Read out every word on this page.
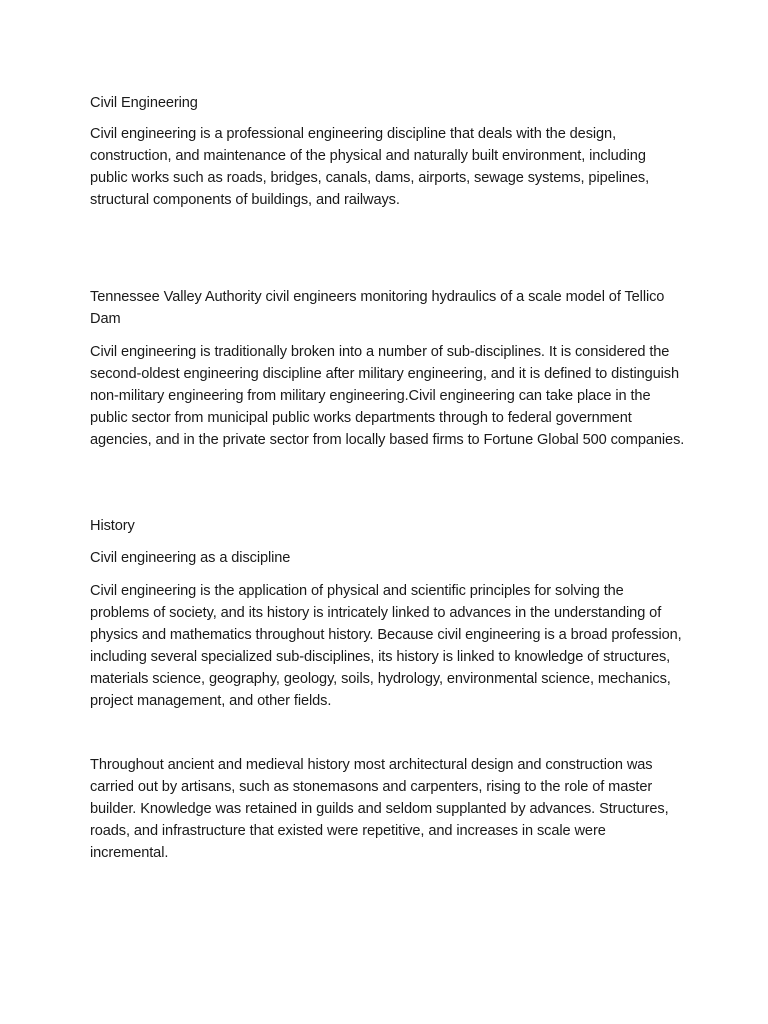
Civil Engineering

Civil engineering is a professional engineering discipline that deals with the design, construction, and maintenance of the physical and naturally built environment, including public works such as roads, bridges, canals, dams, airports, sewage systems, pipelines, structural components of buildings, and railways.

Tennessee Valley Authority civil engineers monitoring hydraulics of a scale model of Tellico Dam

Civil engineering is traditionally broken into a number of sub-disciplines. It is considered the second-oldest engineering discipline after military engineering, and it is defined to distinguish non-military engineering from military engineering.Civil engineering can take place in the public sector from municipal public works departments through to federal government agencies, and in the private sector from locally based firms to Fortune Global 500 companies.

History

Civil engineering as a discipline

Civil engineering is the application of physical and scientific principles for solving the problems of society, and its history is intricately linked to advances in the understanding of physics and mathematics throughout history. Because civil engineering is a broad profession, including several specialized sub-disciplines, its history is linked to knowledge of structures, materials science, geography, geology, soils, hydrology, environmental science, mechanics, project management, and other fields.

Throughout ancient and medieval history most architectural design and construction was carried out by artisans, such as stonemasons and carpenters, rising to the role of master builder. Knowledge was retained in guilds and seldom supplanted by advances. Structures, roads, and infrastructure that existed were repetitive, and increases in scale were incremental.
